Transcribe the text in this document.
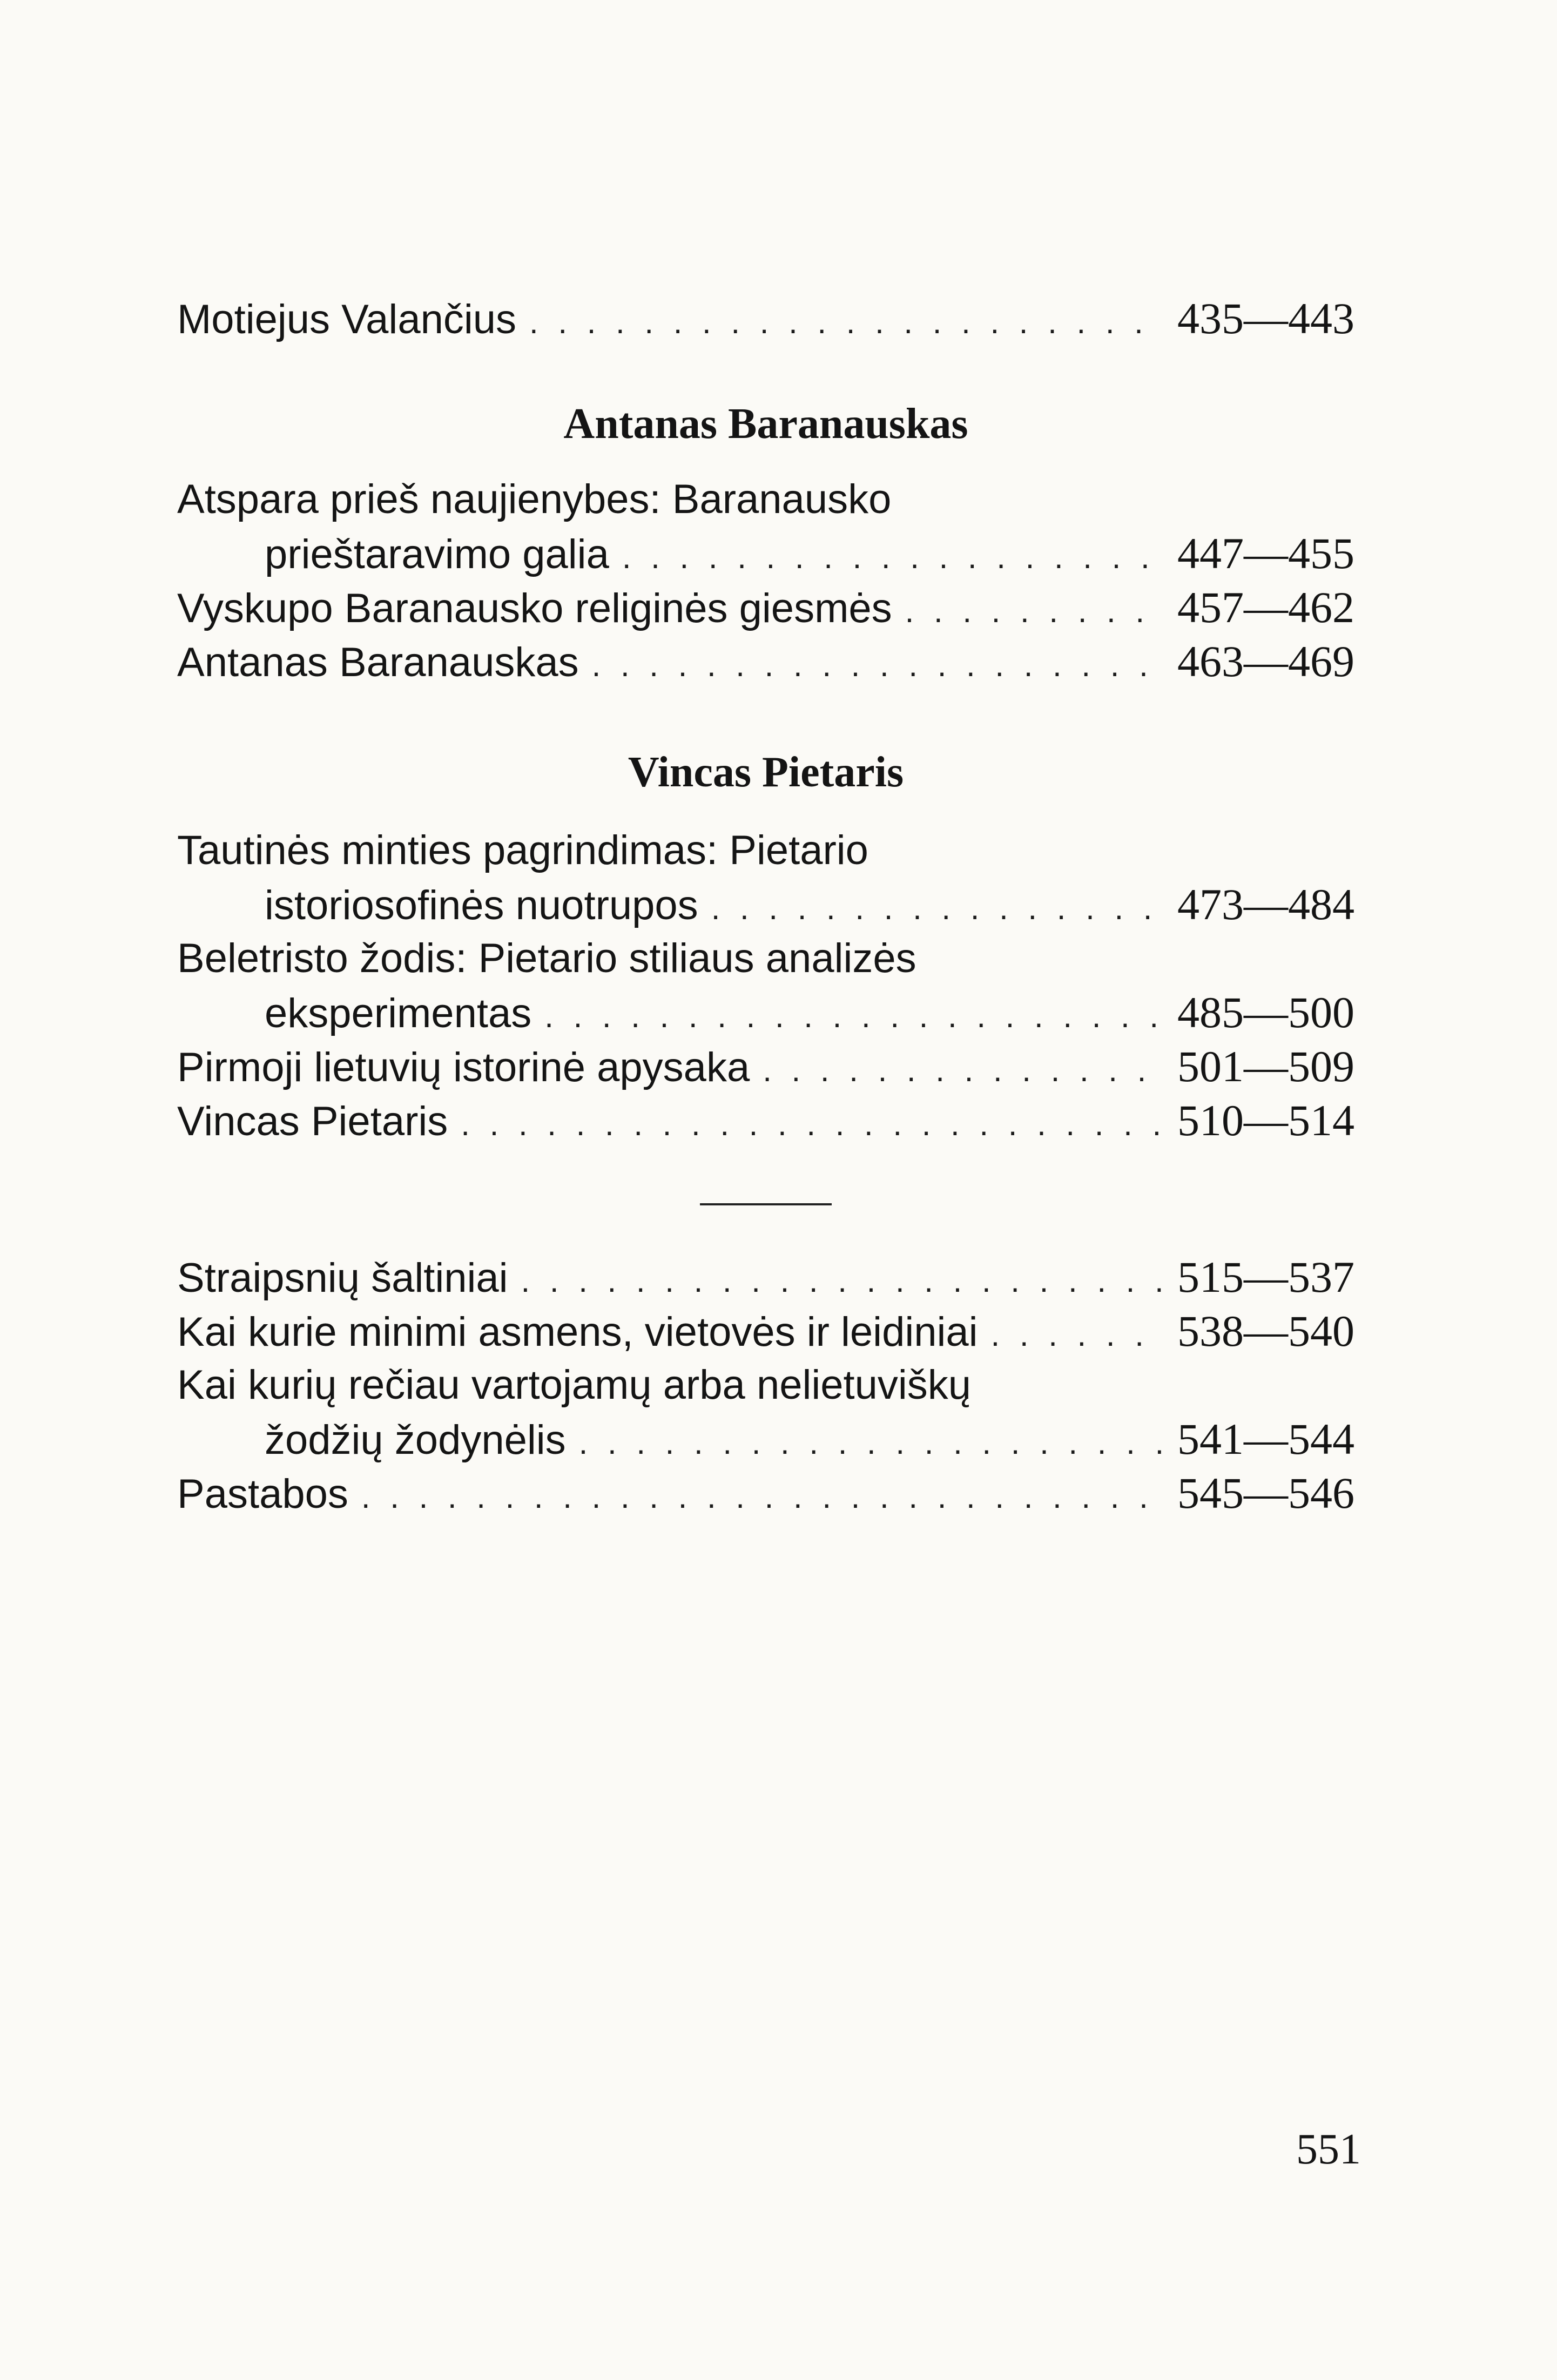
Motiejus Valančius . . .	435—443
Antanas Baranauskas
Atspara prieš naujienybes: Baranausko
prieštaravimo galia . . .	447—455
Vyskupo Baranausko religinės giesmės . . .	457—462
Antanas Baranauskas . . .	463—469
Vincas Pietaris
Tautinės minties pagrindimas: Pietario
istoriosofinės nuotrupos . . .	473—484
Beletristo žodis: Pietario stiliaus analizės
eksperimentas . . .	485—500
Pirmoji lietuvių istorinė apysaka . . .	501—509
Vincas Pietaris . . .	510—514
Straipsnių šaltiniai . . .	515—537
Kai kurie minimi asmens, vietovės ir leidiniai . . .	538—540
Kai kurių rečiau vartojamų arba nelietuviškų
žodžių žodynėlis . . .	541—544
Pastabos . . .	545—546
551
